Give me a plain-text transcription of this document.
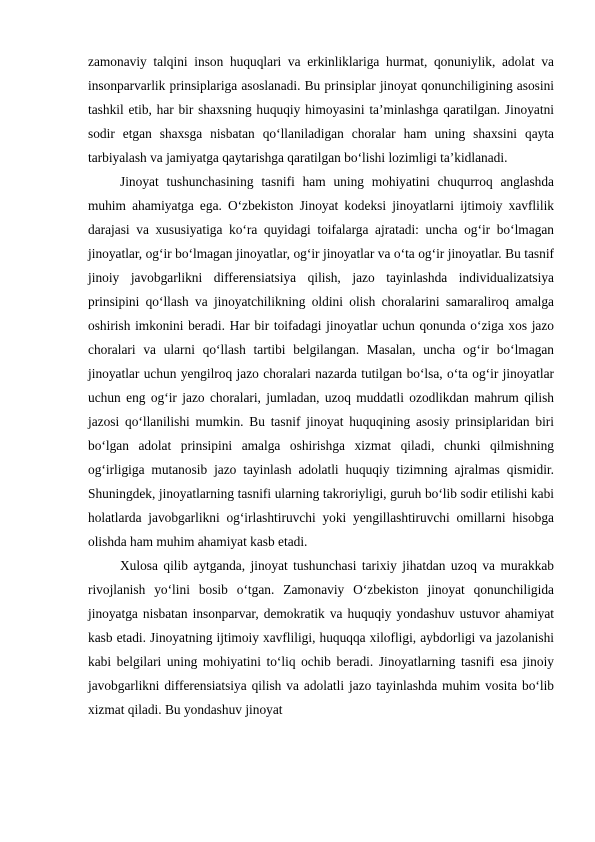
zamonaviy talqini inson huquqlari va erkinliklariga hurmat, qonuniylik, adolat va insonparvarlik prinsiplariga asoslanadi. Bu prinsiplar jinoyat qonunchiligining asosini tashkil etib, har bir shaxsning huquqiy himoyasini ta’minlashga qaratilgan. Jinoyatni sodir etgan shaxsga nisbatan qo‘llaniladigan choralar ham uning shaxsini qayta tarbiyalash va jamiyatga qaytarishga qaratilgan bo‘lishi lozimligi ta’kidlanadi.

Jinoyat tushunchasining tasnifi ham uning mohiyatini chuqurroq anglashda muhim ahamiyatga ega. O‘zbekiston Jinoyat kodeksi jinoyatlarni ijtimoiy xavflilik darajasi va xususiyatiga ko‘ra quyidagi toifalarga ajratadi: uncha og‘ir bo‘lmagan jinoyatlar, og‘ir bo‘lmagan jinoyatlar, og‘ir jinoyatlar va o‘ta og‘ir jinoyatlar. Bu tasnif jinoiy javobgarlikni differensiatsiya qilish, jazo tayinlashda individualizatsiya prinsipini qo‘llash va jinoyatchilikning oldini olish choralarini samaraliroq amalga oshirish imkonini beradi. Har bir toifadagi jinoyatlar uchun qonunda o‘ziga xos jazo choralari va ularni qo‘llash tartibi belgilangan. Masalan, uncha og‘ir bo‘lmagan jinoyatlar uchun yengilroq jazo choralari nazarda tutilgan bo‘lsa, o‘ta og‘ir jinoyatlar uchun eng og‘ir jazo choralari, jumladan, uzoq muddatli ozodlikdan mahrum qilish jazosi qo‘llanilishi mumkin. Bu tasnif jinoyat huquqining asosiy prinsiplaridan biri bo‘lgan adolat prinsipini amalga oshirishga xizmat qiladi, chunki qilmishning og‘irligiga mutanosib jazo tayinlash adolatli huquqiy tizimning ajralmas qismidir. Shuningdek, jinoyatlarning tasnifi ularning takroriyligi, guruh bo‘lib sodir etilishi kabi holatlarda javobgarlikni og‘irlashtiruvchi yoki yengillashtiruvchi omillarni hisobga olishda ham muhim ahamiyat kasb etadi.

Xulosa qilib aytganda, jinoyat tushunchasi tarixiy jihatdan uzoq va murakkab rivojlanish yo‘lini bosib o‘tgan. Zamonaviy O‘zbekiston jinoyat qonunchiligida jinoyatga nisbatan insonparvar, demokratik va huquqiy yondashuv ustuvor ahamiyat kasb etadi. Jinoyatning ijtimoiy xavfliligi, huquqqa xilofligi, aybdorligi va jazolanishi kabi belgilari uning mohiyatini to‘liq ochib beradi. Jinoyatlarning tasnifi esa jinoiy javobgarlikni differensiatsiya qilish va adolatli jazo tayinlashda muhim vosita bo‘lib xizmat qiladi. Bu yondashuv jinoyat
